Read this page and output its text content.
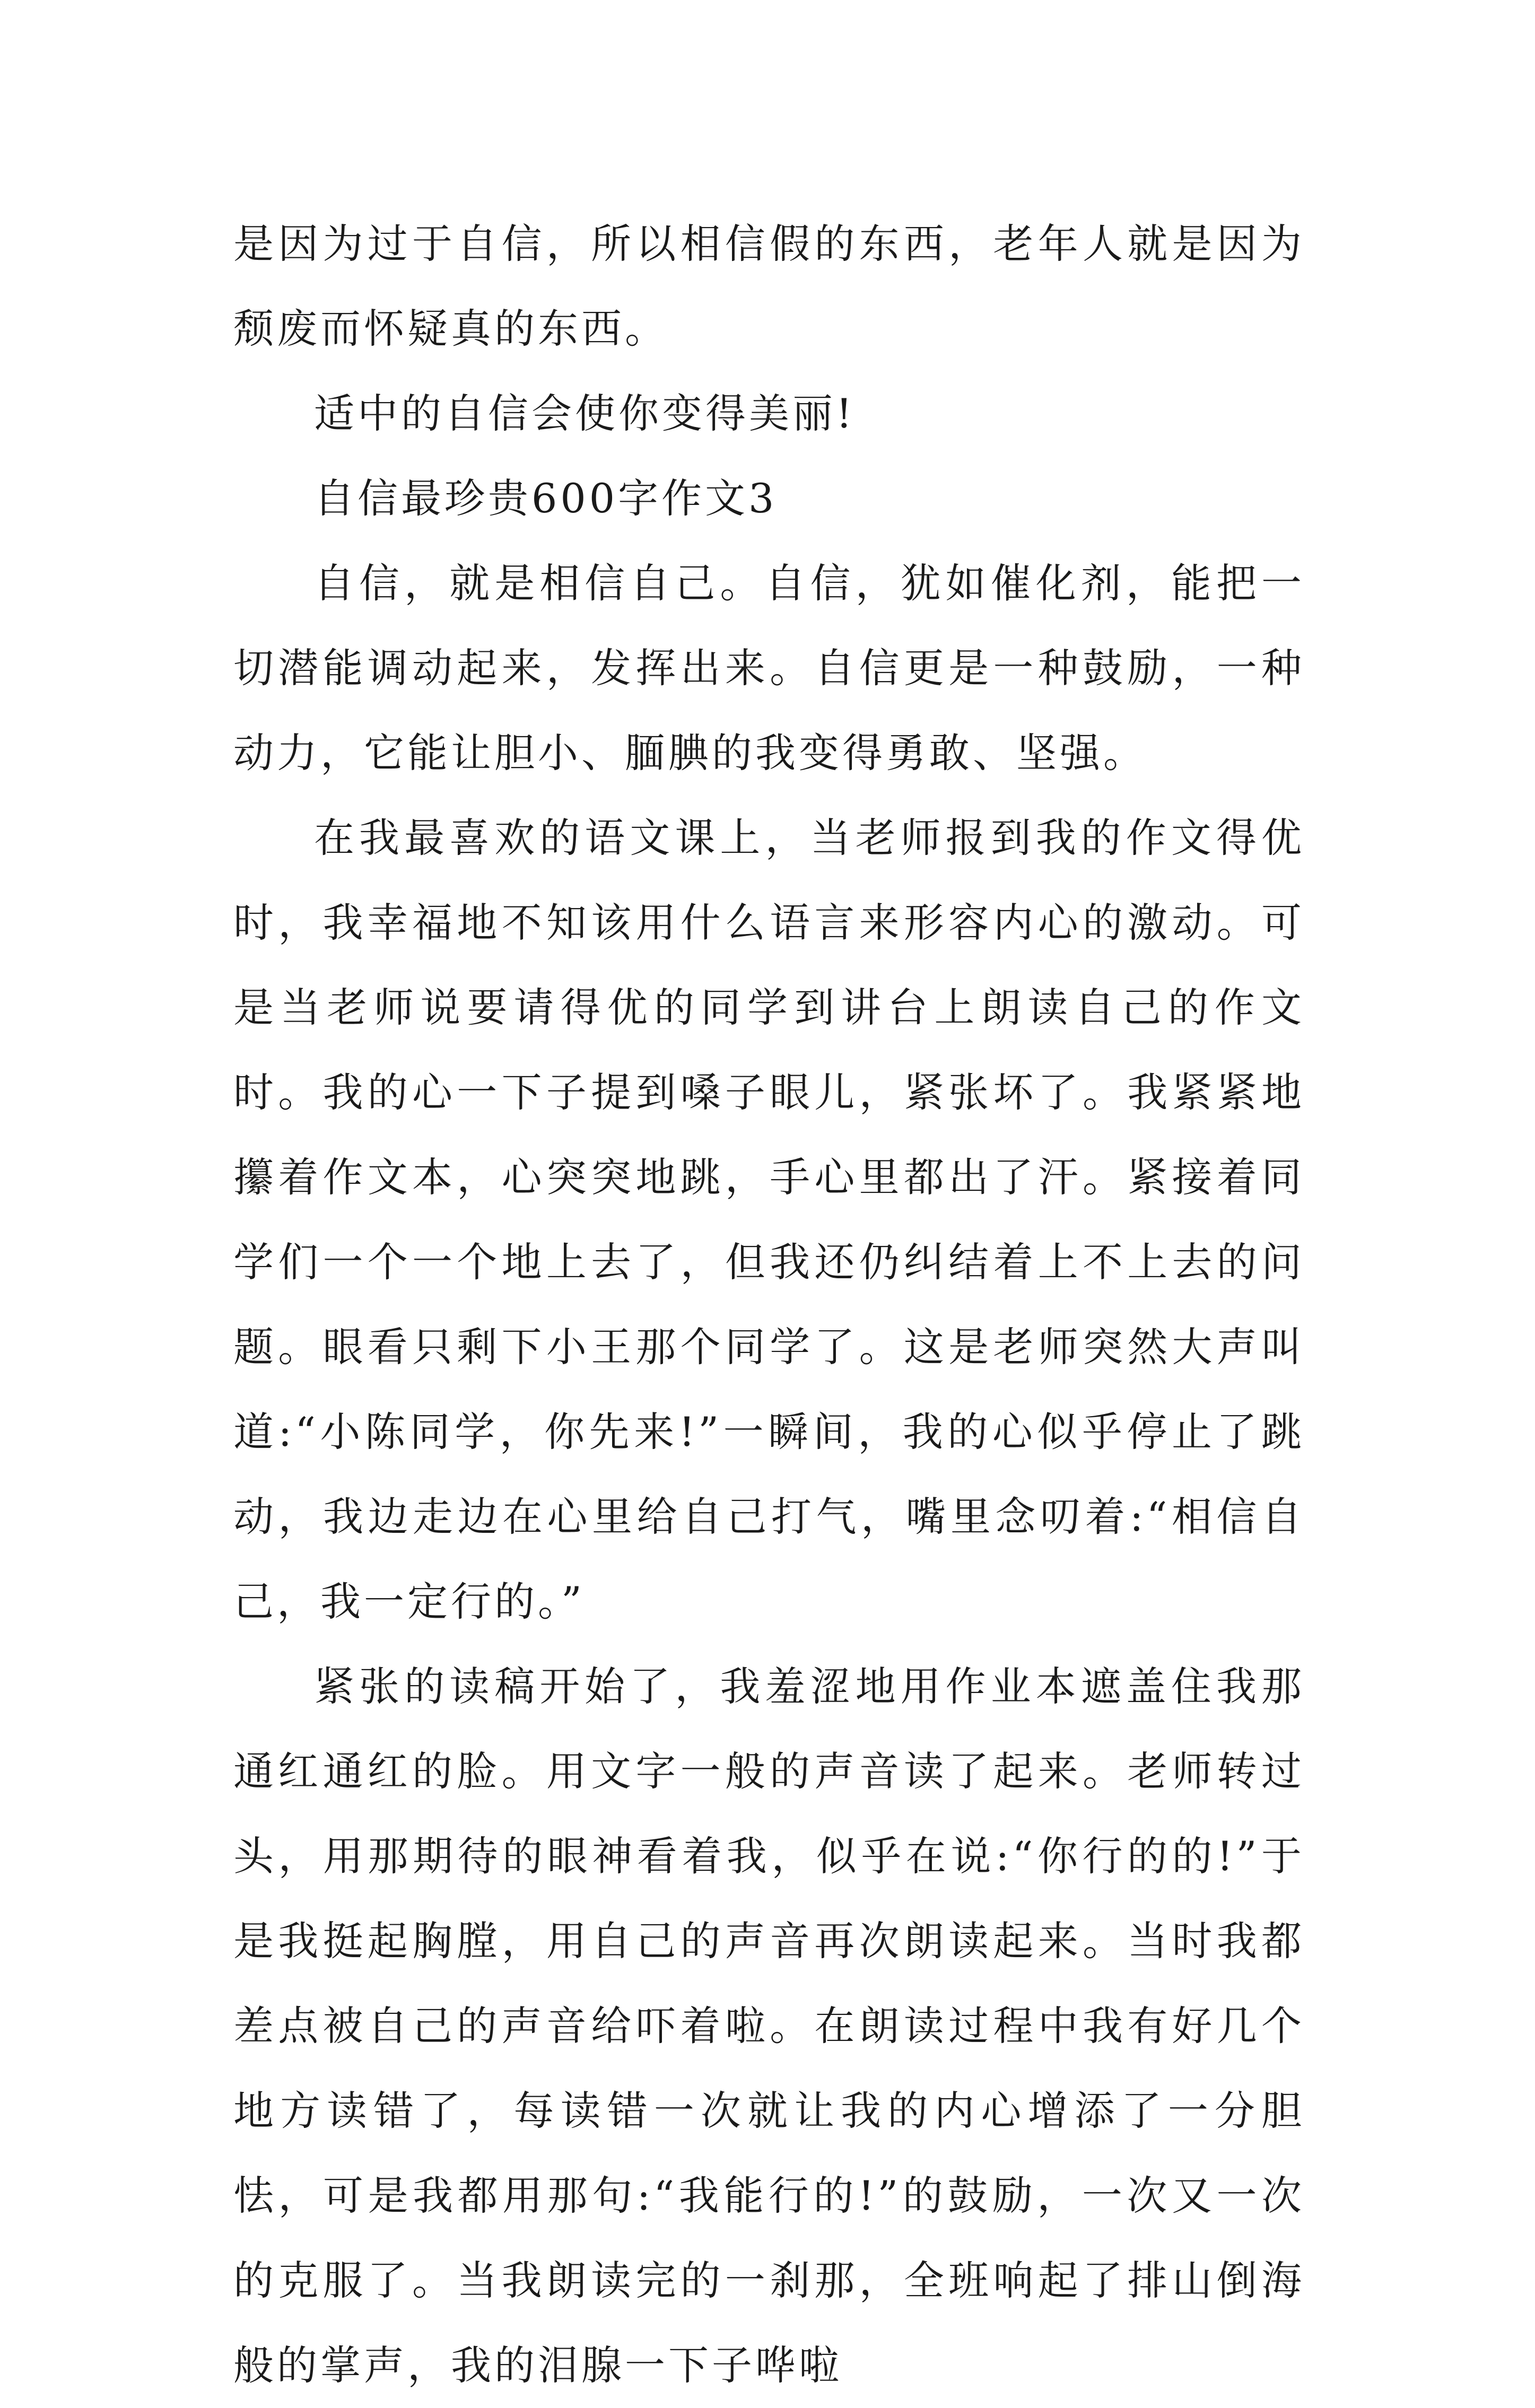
是因为过于自信，所以相信假的东西，老年人就是因为颓废而怀疑真的东西。

适中的自信会使你变得美丽!

自信最珍贵600字作文3

自信，就是相信自己。自信，犹如催化剂，能把一切潜能调动起来，发挥出来。自信更是一种鼓励，一种动力，它能让胆小、腼腆的我变得勇敢、坚强。

在我最喜欢的语文课上，当老师报到我的作文得优时，我幸福地不知该用什么语言来形容内心的激动。可是当老师说要请得优的同学到讲台上朗读自己的作文时。我的心一下子提到嗓子眼儿，紧张坏了。我紧紧地攥着作文本，心突突地跳，手心里都出了汗。紧接着同学们一个一个地上去了，但我还仍纠结着上不上去的问题。眼看只剩下小王那个同学了。这是老师突然大声叫道:“小陈同学，你先来!”一瞬间，我的心似乎停止了跳动，我边走边在心里给自己打气，嘴里念叨着:“相信自己，我一定行的。”

紧张的读稿开始了，我羞涩地用作业本遮盖住我那通红通红的脸。用文字一般的声音读了起来。老师转过头，用那期待的眼神看着我，似乎在说:“你行的的!”于是我挺起胸膛，用自己的声音再次朗读起来。当时我都差点被自己的声音给吓着啦。在朗读过程中我有好几个地方读错了，每读错一次就让我的内心增添了一分胆怯，可是我都用那句:“我能行的!”的鼓励，一次又一次的克服了。当我朗读完的一刹那，全班响起了排山倒海般的掌声，我的泪腺一下子哗啦
